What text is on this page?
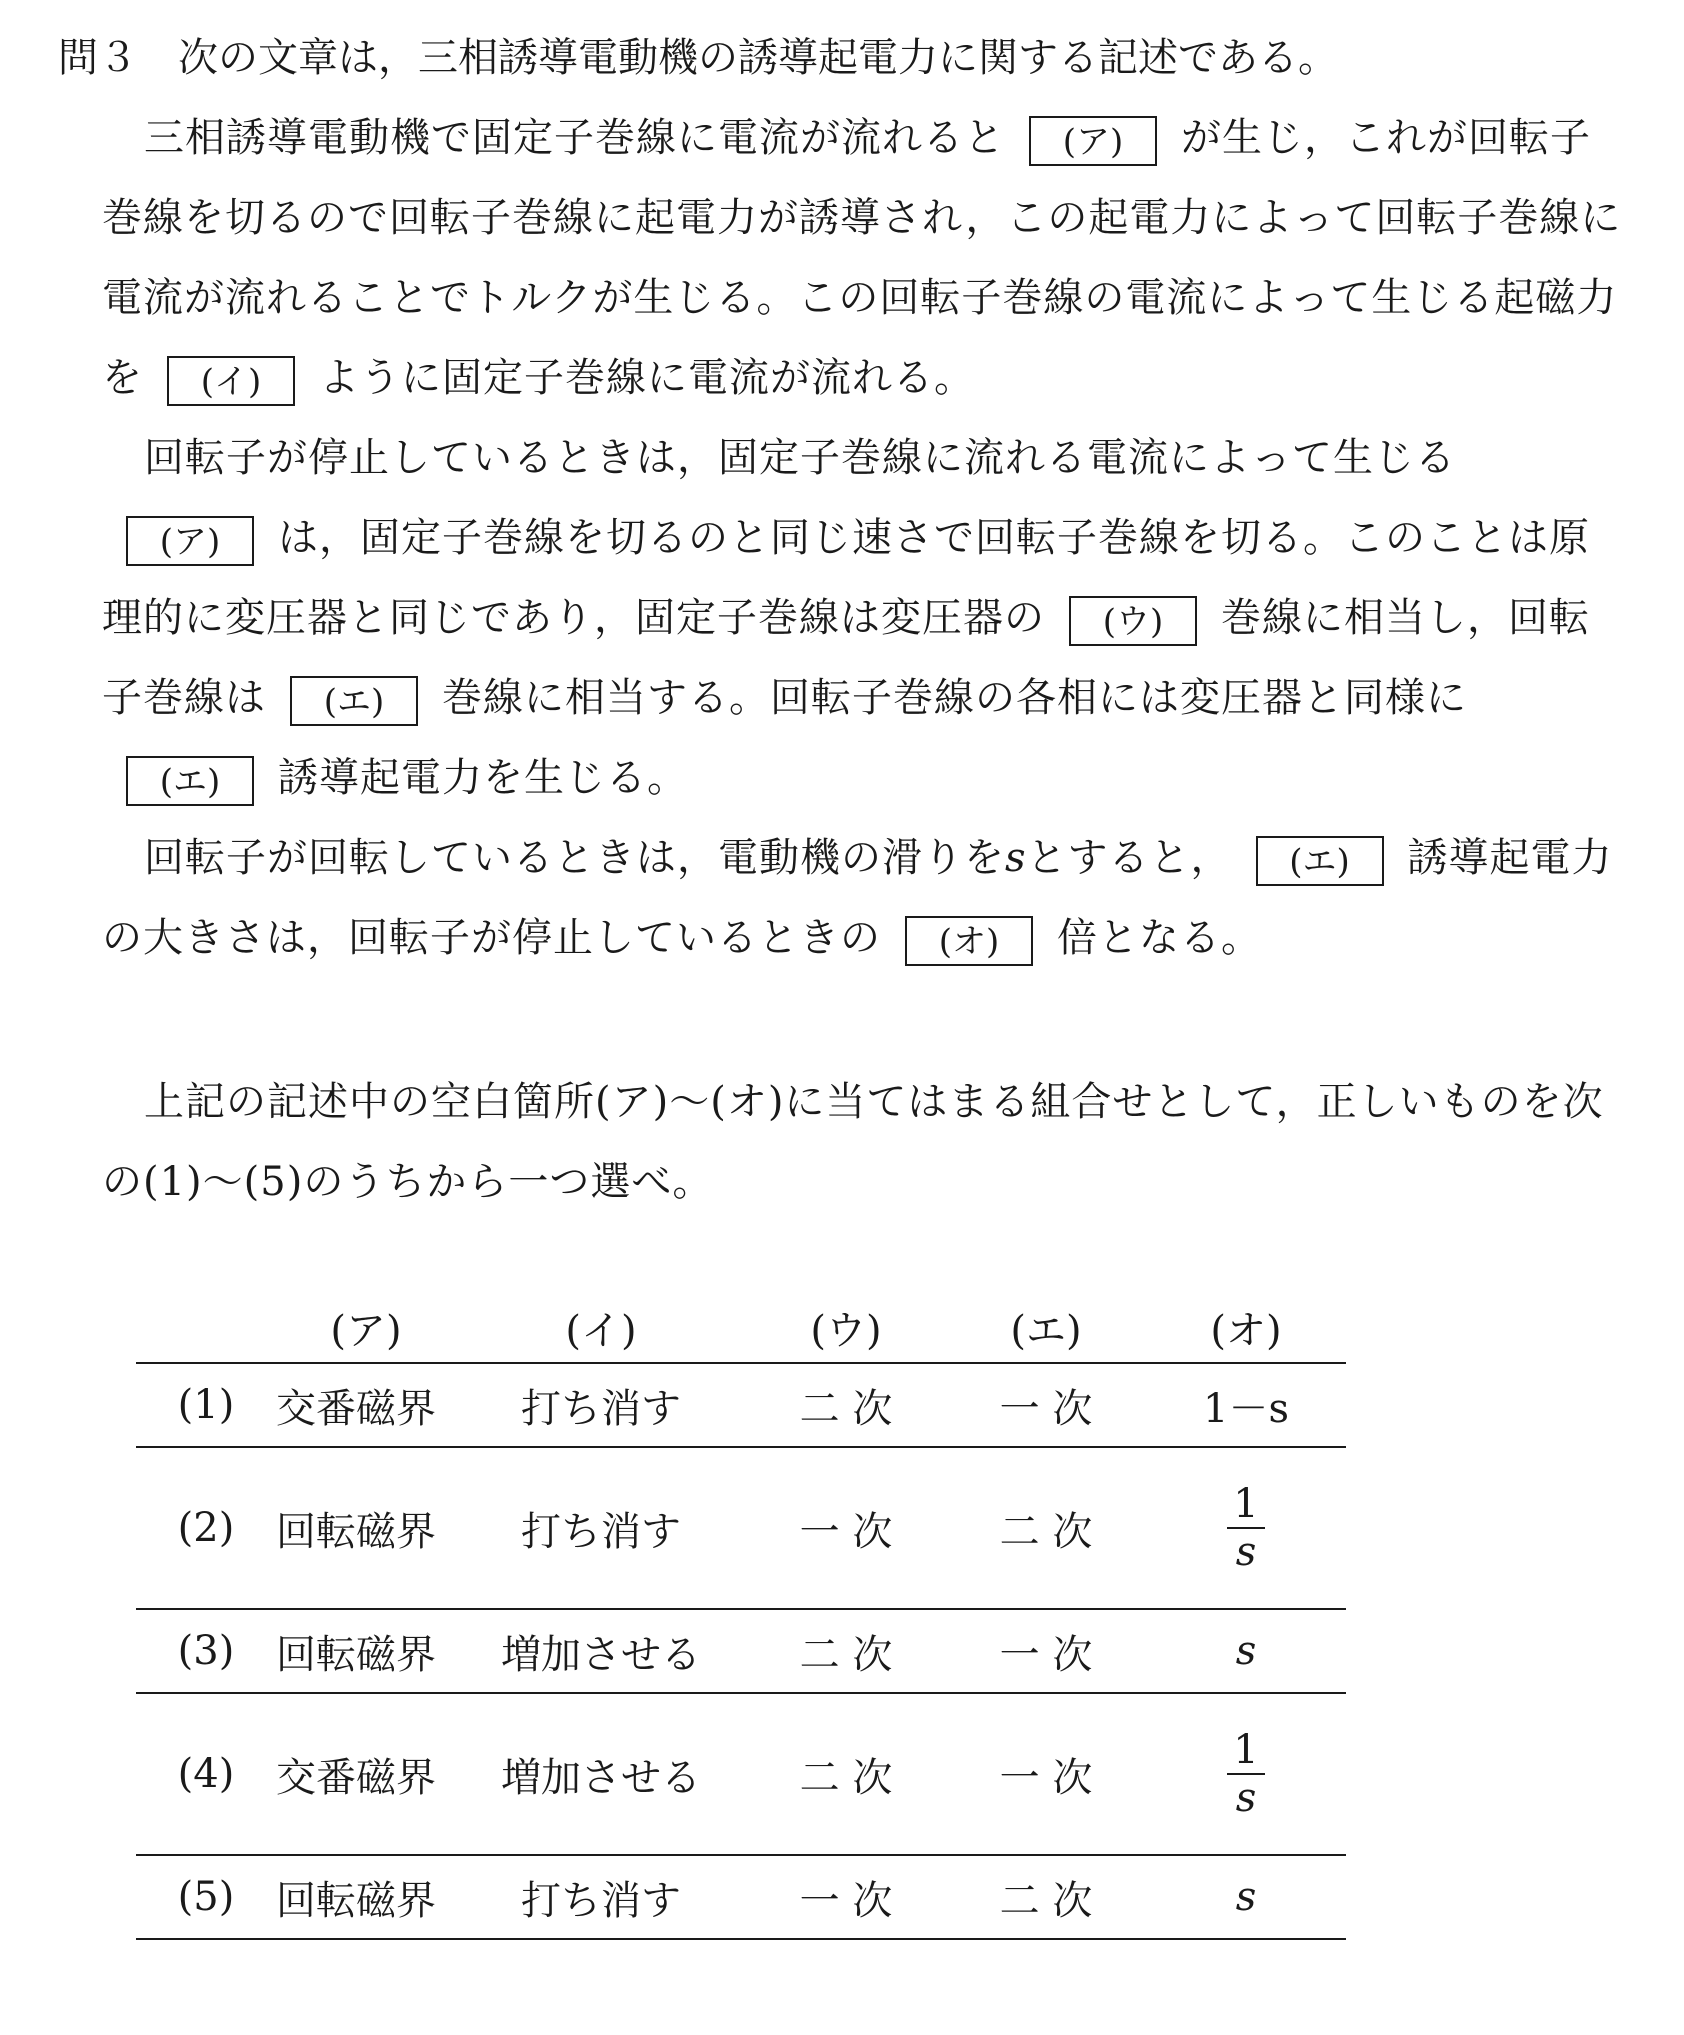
問３ 次の文章は，三相誘導電動機の誘導起電力に関する記述である。
三相誘導電動機で固定子巻線に電流が流れると (ア) が生じ，これが回転子巻線を切るので回転子巻線に起電力が誘導され，この起電力によって回転子巻線に電流が流れることでトルクが生じる。この回転子巻線の電流によって生じる起磁力を (イ) ように固定子巻線に電流が流れる。
回転子が停止しているときは，固定子巻線に流れる電流によって生じる(ア) は，固定子巻線を切るのと同じ速さで回転子巻線を切る。このことは原理的に変圧器と同じであり，固定子巻線は変圧器の (ウ) 巻線に相当し，回転子巻線は (エ) 巻線に相当する。回転子巻線の各相には変圧器と同様に(エ) 誘導起電力を生じる。
回転子が回転しているときは，電動機の滑りをsとすると， (エ) 誘導起電力の大きさは，回転子が停止しているときの (オ) 倍となる。
上記の記述中の空白箇所(ア)～(オ)に当てはまる組合せとして，正しいものを次の(1)～(5)のうちから一つ選べ。
	(ア)	(イ)	(ウ)	(エ)	(オ)
(1)	交番磁界	打ち消す	二 次	一 次	1－s
(2)	回転磁界	打ち消す	一 次	二 次	$\frac{1}{s}$

(3)	回転磁界	増加させる	二 次	一 次	s
(4)	交番磁界	増加させる	二 次	一 次	$\frac{1}{s}$

(5)	回転磁界	打ち消す	一 次	二 次	s
